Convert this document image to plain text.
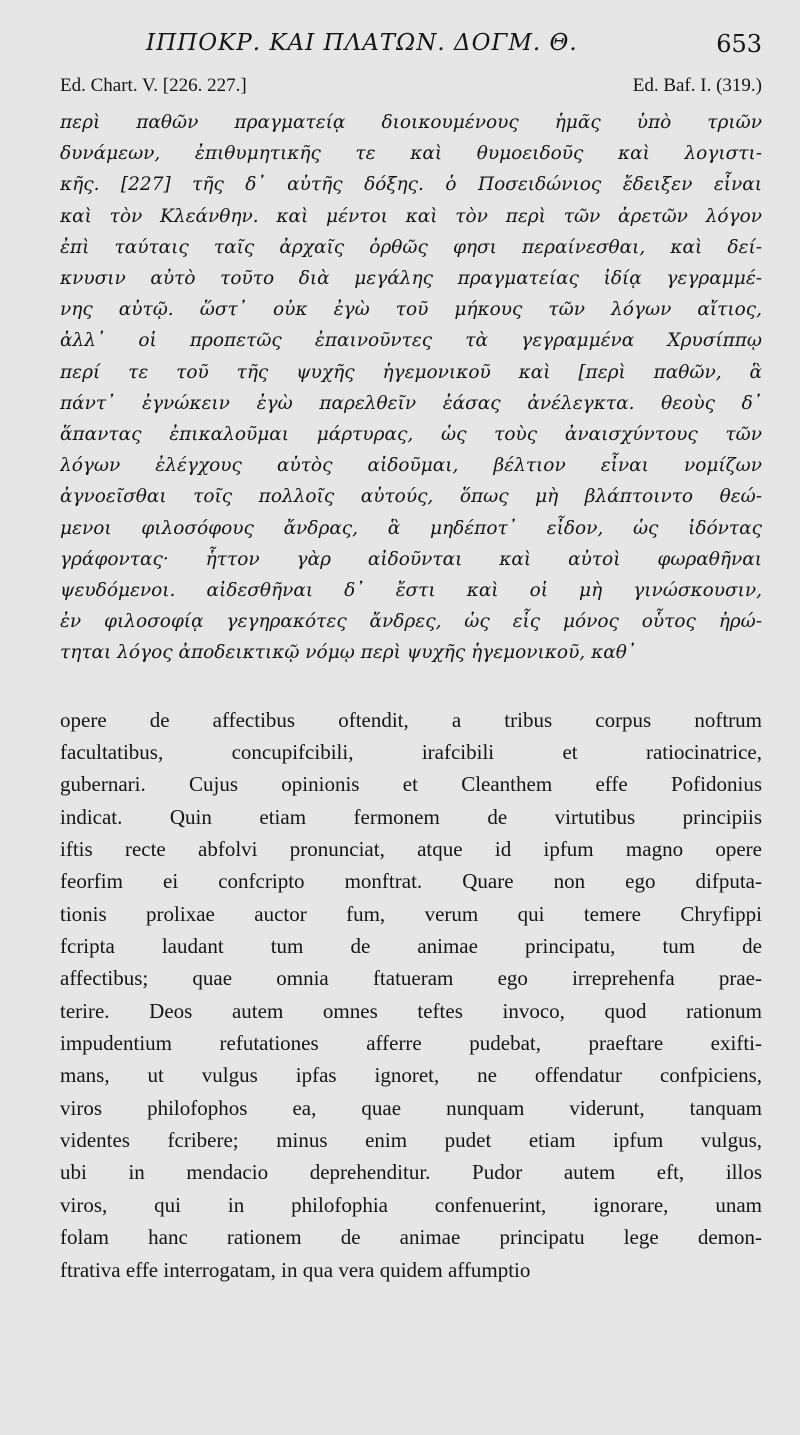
ΙΠΠΟΚΡ. ΚΑΙ ΠΛΑΤΩΝ. ΔΟΓΜ. Θ.	653
Ed. Chart. V. [226. 227.]	Ed. Baf. I. (319.)
περὶ παθῶν πραγματείᾳ διοικουμένους ἡμᾶς ὑπὸ τριῶν
δυνάμεων, ἐπιθυμητικῆς τε καὶ θυμοειδοῦς καὶ λογιστι-
κῆς. [227] τῆς δ᾽ αὐτῆς δόξης. ὁ Ποσειδώνιος ἔδειξεν εἶναι
καὶ τὸν Κλεάνθην. καὶ μέντοι καὶ τὸν περὶ τῶν ἀρετῶν λόγον
ἐπὶ ταύταις ταῖς ἀρχαῖς ὀρθῶς φησι περαίνεσθαι, καὶ δεί-
κνυσιν αὐτὸ τοῦτο διὰ μεγάλης πραγματείας ἰδίᾳ γεγραμμέ-
νης αὐτῷ. ὥστ᾽ οὐκ ἐγὼ τοῦ μήκους τῶν λόγων αἴτιος,
ἀλλ᾽ οἱ προπετῶς ἐπαινοῦντες τὰ γεγραμμένα Χρυσίππῳ
περί τε τοῦ τῆς ψυχῆς ἡγεμονικοῦ καὶ [περὶ παθῶν, ἃ
πάντ᾽ ἐγνώκειν ἐγὼ παρελθεῖν ἐάσας ἀνέλεγκτα. θεοὺς δ᾽
ἅπαντας ἐπικαλοῦμαι μάρτυρας, ὡς τοὺς ἀναισχύντους τῶν
λόγων ἐλέγχους αὐτὸς αἰδοῦμαι, βέλτιον εἶναι νομίζων
ἀγνοεῖσθαι τοῖς πολλοῖς αὐτούς, ὅπως μὴ βλάπτοιντο θεώ-
μενοι φιλοσόφους ἄνδρας, ἃ μηδέποτ᾽ εἶδον, ὡς ἰδόντας
γράφοντας· ἧττον γὰρ αἰδοῦνται καὶ αὐτοὶ φωραθῆναι
ψευδόμενοι. αἰδεσθῆναι δ᾽ ἔστι καὶ οἱ μὴ γινώσκουσιν,
ἐν φιλοσοφίᾳ γεγηρακότες ἄνδρες, ὡς εἷς μόνος οὗτος ἠρώ-
τηται λόγος ἀποδεικτικῷ νόμῳ περὶ ψυχῆς ἡγεμονικοῦ, καθ᾽
opere de affectibus oftendit, a tribus corpus noftrum
facultatibus, concupifcibili, irafcibili et ratiocinatrice,
gubernari. Cujus opinionis et Cleanthem effe Pofidonius
indicat. Quin etiam fermonem de virtutibus principiis
iftis recte abfolvi pronunciat, atque id ipfum magno opere
feorfim ei confcripto monftrat. Quare non ego difputa-
tionis prolixae auctor fum, verum qui temere Chryfippi
fcripta laudant tum de animae principatu, tum de
affectibus; quae omnia ftatueram ego irreprehenfa prae-
terire. Deos autem omnes teftes invoco, quod rationum
impudentium refutationes afferre pudebat, praeftare exifti-
mans, ut vulgus ipfas ignoret, ne offendatur confpiciens,
viros philofophos ea, quae nunquam viderunt, tanquam
videntes fcribere; minus enim pudet etiam ipfum vulgus,
ubi in mendacio deprehenditur. Pudor autem eft, illos
viros, qui in philofophia confenuerint, ignorare, unam
folam hanc rationem de animae principatu lege demon-
ftrativa effe interrogatam, in qua vera quidem affumptio
